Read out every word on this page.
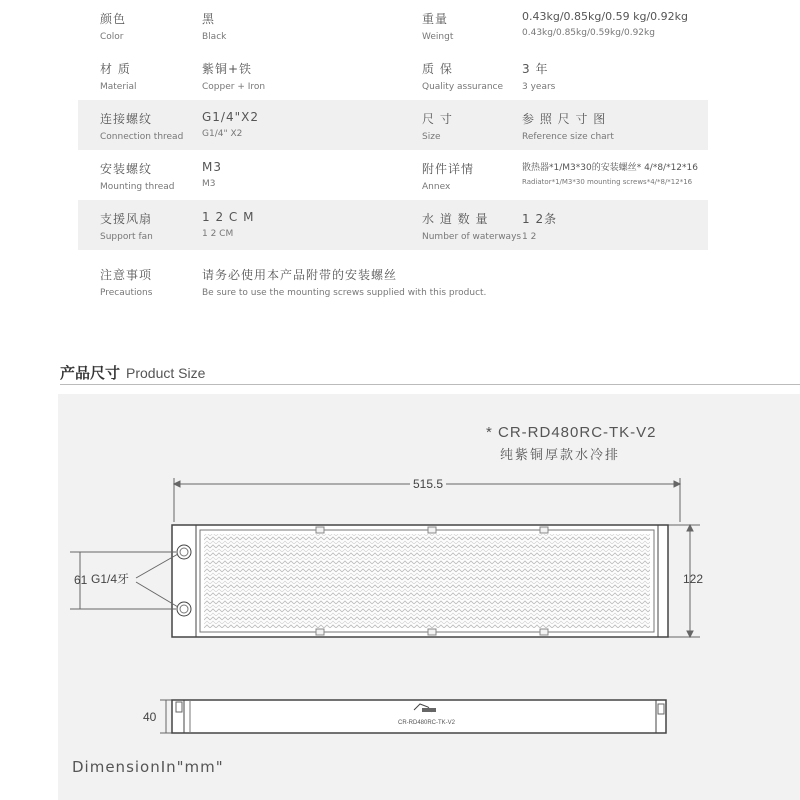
颜色
Color
黑
Black
重量
Weingt
0.43kg/0.85kg/0.59 kg/0.92kg
0.43kg/0.85kg/0.59kg/0.92kg
材 质
Material
紫铜+铁
Copper + Iron
质 保
Quality assurance
3 年
3 years
连接螺纹
Connection thread
G1/4"X2
G1/4" X2
尺 寸
Size
参 照 尺 寸 图
Reference size chart
安装螺纹
Mounting thread
M3
M3
附件详情
Annex
散热器*1/M3*30的安装螺丝* 4/*8/*12*16
Radiator*1/M3*30 mounting screws*4/*8/*12*16
支援风扇
Support fan
1 2 C M
1 2 CM
水 道 数 量
Number of waterways
1 2条
1 2
注意事项
Precautions
请务必使用本产品附带的安装螺丝
Be sure to use the mounting screws supplied with this product.
产品尺寸 Product Size
* CR-RD480RC-TK-V2
纯紫铜厚款水冷排
515.5
122
61 G1/4牙
40	CR-RD480RC-TK-V2
DimensionIn"mm"
